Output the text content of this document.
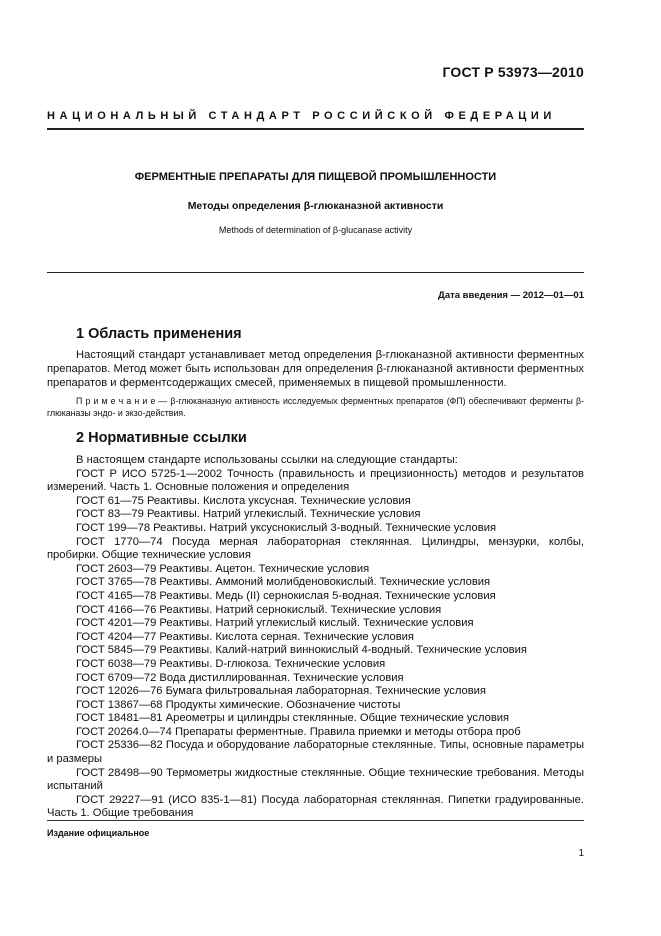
ГОСТ Р 53973—2010
НАЦИОНАЛЬНЫЙ СТАНДАРТ РОССИЙСКОЙ ФЕДЕРАЦИИ
ФЕРМЕНТНЫЕ ПРЕПАРАТЫ ДЛЯ ПИЩЕВОЙ ПРОМЫШЛЕННОСТИ
Методы определения β-глюканазной активности
Methods of determination of β-glucanase activity
Дата введения — 2012—01—01
1 Область применения

Настоящий стандарт устанавливает метод определения β-глюканазной активности ферментных препаратов. Метод может быть использован для определения β-глюканазной активности ферментных препаратов и ферментсодержащих смесей, применяемых в пищевой промышленности.

П р и м е ч а н и е — β-глюканазную активность исследуемых ферментных препаратов (ФП) обеспечивают ферменты β-глюканазы эндо- и экзо-действия.

2 Нормативные ссылки
В настоящем стандарте использованы ссылки на следующие стандарты:
ГОСТ Р ИСО 5725-1—2002 Точность (правильность и прецизионность) методов и результатов измерений. Часть 1. Основные положения и определения
ГОСТ 61—75 Реактивы. Кислота уксусная. Технические условия
ГОСТ 83—79 Реактивы. Натрий углекислый. Технические условия
ГОСТ 199—78 Реактивы. Натрий уксуснокислый 3-водный. Технические условия
ГОСТ 1770—74 Посуда мерная лабораторная стеклянная. Цилиндры, мензурки, колбы, пробирки. Общие технические условия
ГОСТ 2603—79 Реактивы. Ацетон. Технические условия
ГОСТ 3765—78 Реактивы. Аммоний молибденовокислый. Технические условия
ГОСТ 4165—78 Реактивы. Медь (II) сернокислая 5-водная. Технические условия
ГОСТ 4166—76 Реактивы. Натрий сернокислый. Технические условия
ГОСТ 4201—79 Реактивы. Натрий углекислый кислый. Технические условия
ГОСТ 4204—77 Реактивы. Кислота серная. Технические условия
ГОСТ 5845—79 Реактивы. Калий-натрий виннокислый 4-водный. Технические условия
ГОСТ 6038—79 Реактивы. D-глюкоза. Технические условия
ГОСТ 6709—72 Вода дистиллированная. Технические условия
ГОСТ 12026—76 Бумага фильтровальная лабораторная. Технические условия
ГОСТ 13867—68 Продукты химические. Обозначение чистоты
ГОСТ 18481—81 Ареометры и цилиндры стеклянные. Общие технические условия
ГОСТ 20264.0—74 Препараты ферментные. Правила приемки и методы отбора проб
ГОСТ 25336—82 Посуда и оборудование лабораторные стеклянные. Типы, основные параметры и размеры
ГОСТ 28498—90 Термометры жидкостные стеклянные. Общие технические требования. Методы испытаний
ГОСТ 29227—91 (ИСО 835-1—81) Посуда лабораторная стеклянная. Пипетки градуированные. Часть 1. Общие требования
Издание официальное
1
